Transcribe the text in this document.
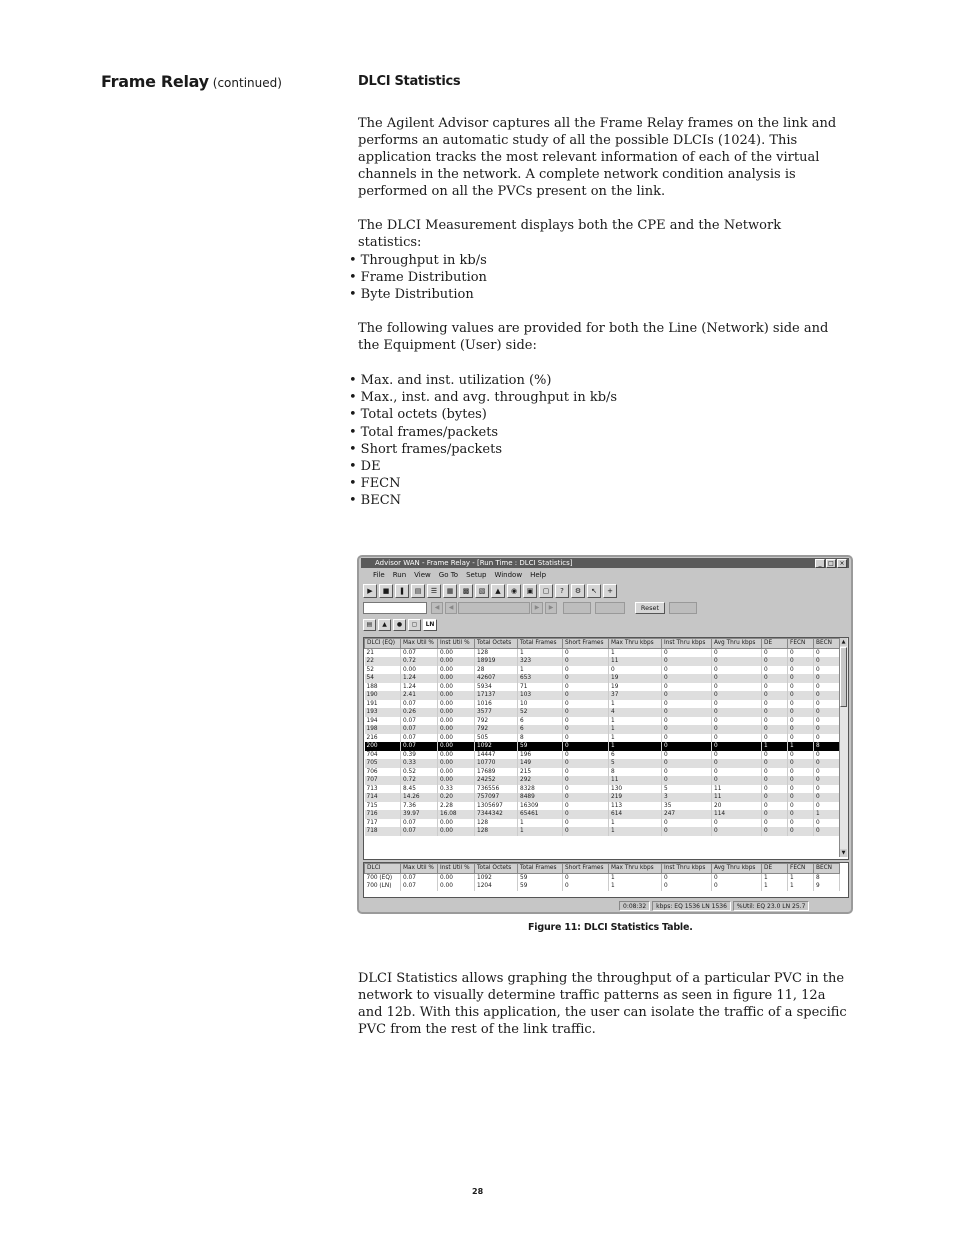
Frame Relay (continued)	DLCI Statistics
The Agilent Advisor captures all the Frame Relay frames on the link and performs an automatic study of all the possible DLCIs (1024). This application tracks the most relevant information of each of the virtual channels in the network. A complete network condition analysis is performed on all the PVCs present on the link.
The DLCI Measurement displays both the CPE and the Network statistics:
• Throughput in kb/s
• Frame Distribution
• Byte Distribution
The following values are provided for both the Line (Network) side and the Equipment (User) side:
• Max. and inst. utilization (%)
• Max., inst. and avg. throughput in kb/s
• Total octets (bytes)
• Total frames/packets
• Short frames/packets
• DE
• FECN
• BECN
Advisor WAN - Frame Relay - [Run Time : DLCI Statistics]	_	□ ×
File Run View Go To Setup Window Help
▶	■	❚	▤	☰	▦	▩	▧	▲	◉	▣	▢	?	⚙	↖	+
◀	◀	▶	▶	Reset
▤	▲	●	▢	LN
DLCI (EQ)	Max Util %	Inst Util %	Total Octets	Total Frames	Short Frames	Max Thru kbps	Inst Thru kbps	Avg Thru kbps	DE	FECN	BECN
21	0.07	0.00	128	1	0	1	0	0	0	0	0
22	0.72	0.00	18919	323	0	11	0	0	0	0	0
52	0.00	0.00	28	1	0	0	0	0	0	0	0
54	1.24	0.00	42607	653	0	19	0	0	0	0	0
188	1.24	0.00	5934	71	0	19	0	0	0	0	0
190	2.41	0.00	17137	103	0	37	0	0	0	0	0
191	0.07	0.00	1016	10	0	1	0	0	0	0	0
193	0.26	0.00	3577	52	0	4	0	0	0	0	0
194	0.07	0.00	792	6	0	1	0	0	0	0	0
198	0.07	0.00	792	6	0	1	0	0	0	0	0
216	0.07	0.00	505	8	0	1	0	0	0	0	0
200	0.07	0.00	1092	59	0	1	0	0	1	1	8
704	0.39	0.00	14447	196	0	6	0	0	0	0	0
705	0.33	0.00	10770	149	0	5	0	0	0	0	0
706	0.52	0.00	17689	215	0	8	0	0	0	0	0
707	0.72	0.00	24252	292	0	11	0	0	0	0	0
713	8.45	0.33	736556	8328	0	130	5	11	0	0	0
714	14.26	0.20	757097	8489	0	219	3	11	0	0	0
715	7.36	2.28	1305697	16309	0	113	35	20	0	0	0
716	39.97	16.08	7344342	65461	0	614	247	114	0	0	1
717	0.07	0.00	128	1	0	1	0	0	0	0	0
718	0.07	0.00	128	1	0	1	0	0	0	0	0
▲
▼
DLCI	Max Util %	Inst Util %	Total Octets	Total Frames	Short Frames	Max Thru kbps	Inst Thru kbps	Avg Thru kbps	DE	FECN	BECN
700 (EQ)	0.07	0.00	1092	59	0	1	0	0	1	1	8
700 (LN)	0.07	0.00	1204	59	0	1	0	0	1	1	9
0:08:32	kbps: EQ 1536 LN 1536	%Util: EQ 23.0 LN 25.7
Figure 11: DLCI Statistics Table.
DLCI Statistics allows graphing the throughput of a particular PVC in the network to visually determine traffic patterns as seen in figure 11, 12a and 12b. With this application, the user can isolate the traffic of a specific PVC from the rest of the link traffic.
28
